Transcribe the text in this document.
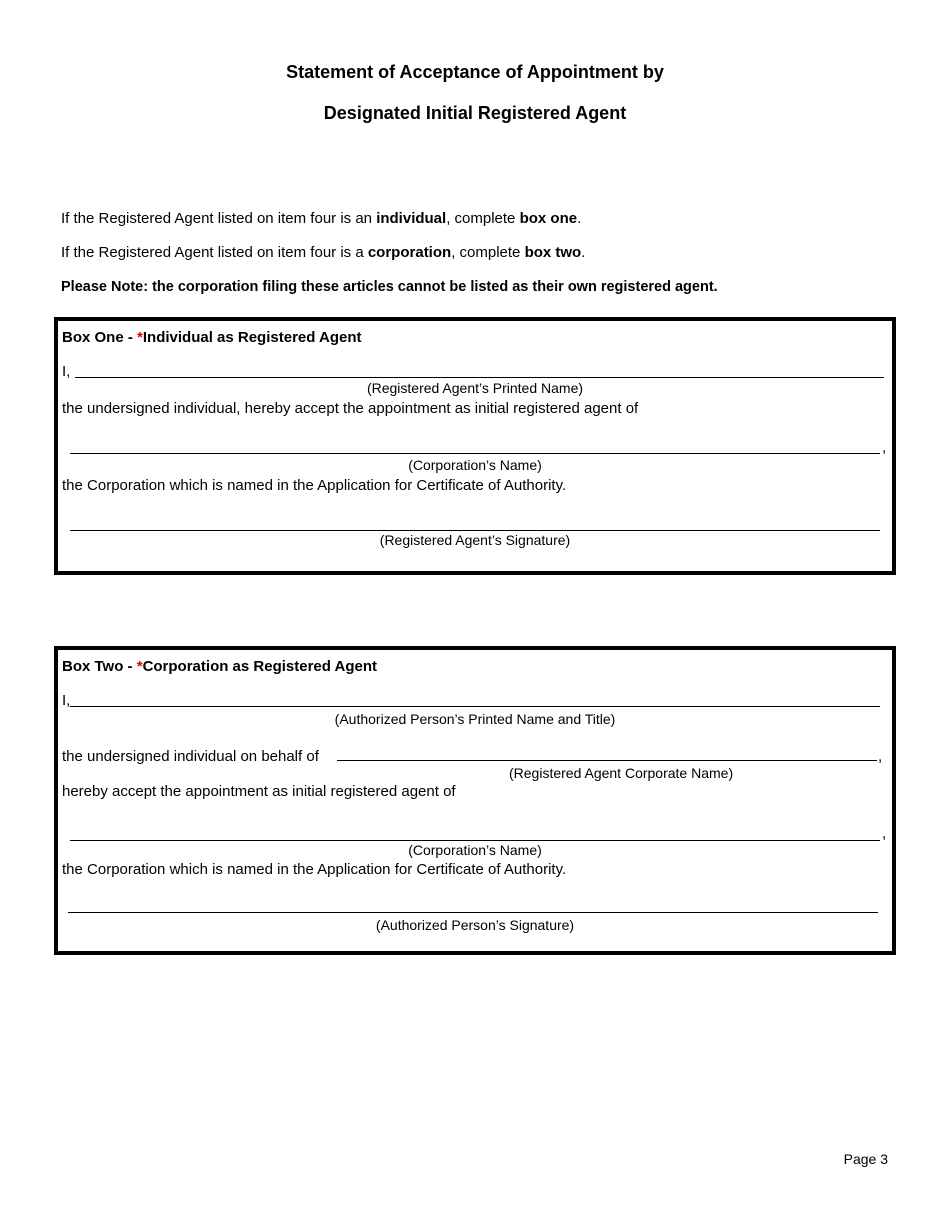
Statement of Acceptance of Appointment by
Designated Initial Registered Agent
If the Registered Agent listed on item four is an individual, complete box one.
If the Registered Agent listed on item four is a corporation, complete box two.
Please Note: the corporation filing these articles cannot be listed as their own registered agent.
Box One - *Individual as Registered Agent
I,
(Registered Agent’s Printed Name)
the undersigned individual, hereby accept the appointment as initial registered agent of
,
(Corporation’s Name)
the Corporation which is named in the Application for Certificate of Authority.
(Registered Agent’s Signature)
Box Two - *Corporation as Registered Agent
I,
(Authorized Person’s Printed Name and Title)
the undersigned individual on behalf of	,
(Registered Agent Corporate Name)
hereby accept the appointment as initial registered agent of
,
(Corporation’s Name)
the Corporation which is named in the Application for Certificate of Authority.
(Authorized Person’s Signature)
Page 3
